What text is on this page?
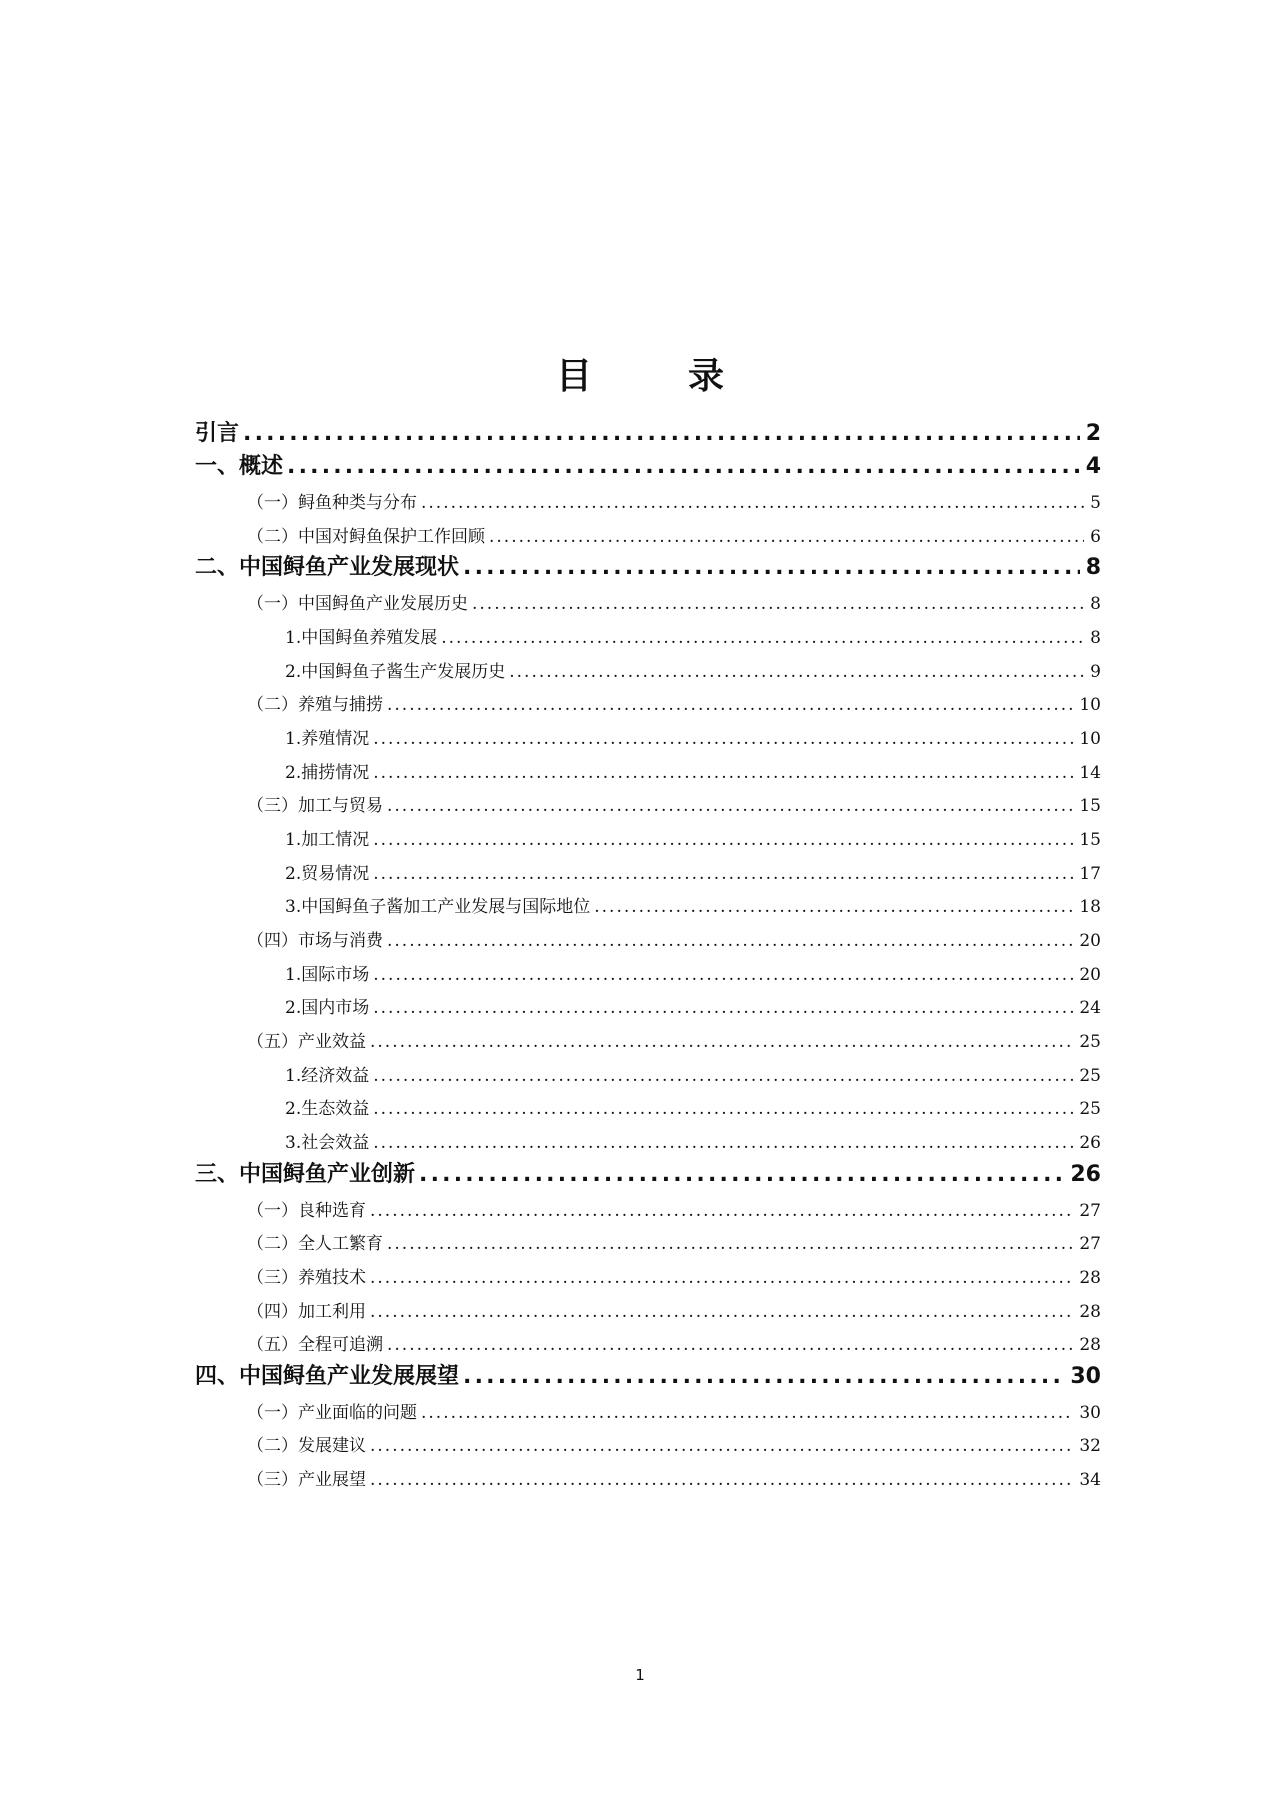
目　录
引言 .....	2
一、概述 .....	4
（一）鲟鱼种类与分布 .....	5
（二）中国对鲟鱼保护工作回顾 .....	6
二、中国鲟鱼产业发展现状 .....	8
（一）中国鲟鱼产业发展历史 .....	8
1.中国鲟鱼养殖发展 .....	8
2.中国鲟鱼子酱生产发展历史 .....	9
（二）养殖与捕捞 .....	10
1.养殖情况 .....	10
2.捕捞情况 .....	14
（三）加工与贸易 .....	15
1.加工情况 .....	15
2.贸易情况 .....	17
3.中国鲟鱼子酱加工产业发展与国际地位 .....	18
（四）市场与消费 .....	20
1.国际市场 .....	20
2.国内市场 .....	24
（五）产业效益 .....	25
1.经济效益 .....	25
2.生态效益 .....	25
3.社会效益 .....	26
三、中国鲟鱼产业创新 .....	26
（一）良种选育 .....	27
（二）全人工繁育 .....	27
（三）养殖技术 .....	28
（四）加工利用 .....	28
（五）全程可追溯 .....	28
四、中国鲟鱼产业发展展望 .....	30
（一）产业面临的问题 .....	30
（二）发展建议 .....	32
（三）产业展望 .....	34
1
